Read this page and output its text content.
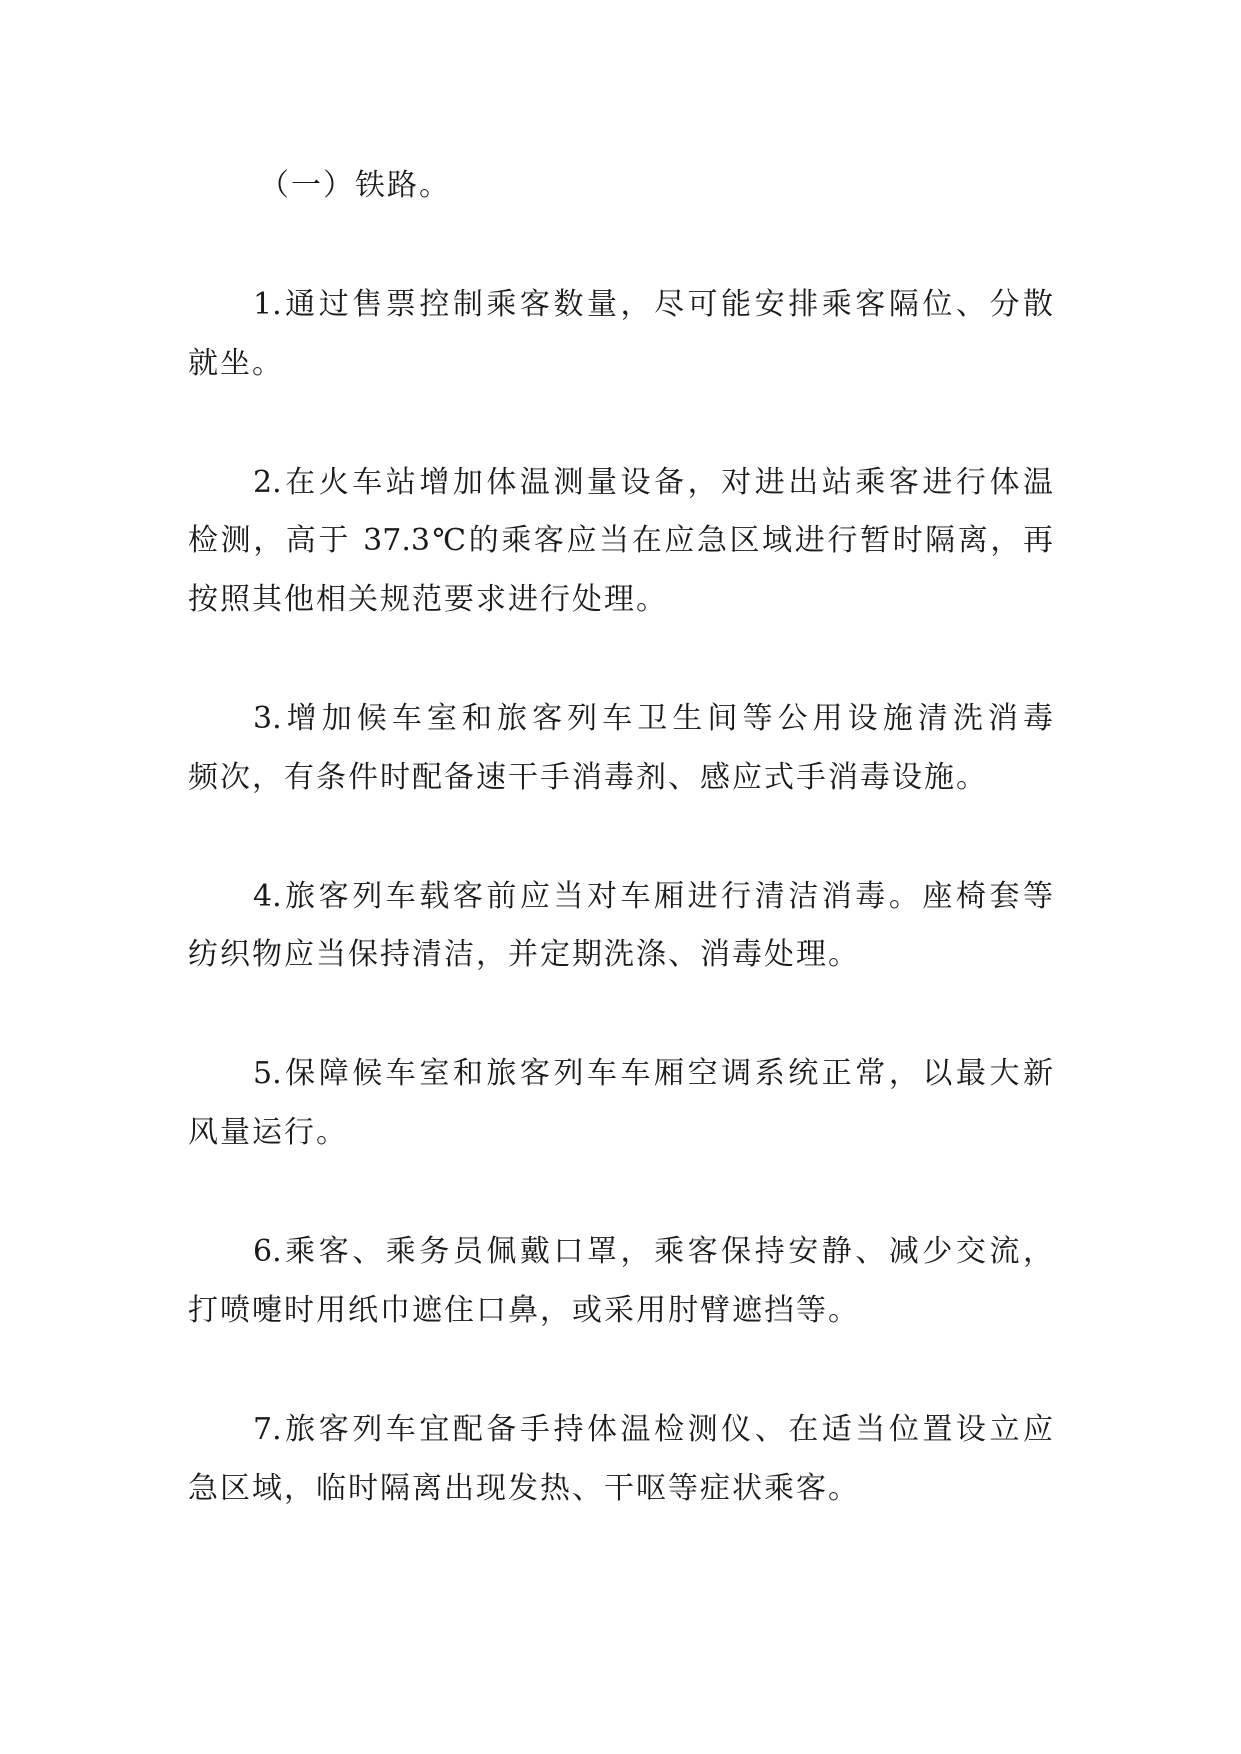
（一）铁路。
1.通过售票控制乘客数量，尽可能安排乘客隔位、分散
就坐。
2.在火车站增加体温测量设备，对进出站乘客进行体温
检测，高于 37.3℃的乘客应当在应急区域进行暂时隔离，再
按照其他相关规范要求进行处理。
3.增加候车室和旅客列车卫生间等公用设施清洗消毒
频次，有条件时配备速干手消毒剂、感应式手消毒设施。
4.旅客列车载客前应当对车厢进行清洁消毒。座椅套等
纺织物应当保持清洁，并定期洗涤、消毒处理。
5.保障候车室和旅客列车车厢空调系统正常，以最大新
风量运行。
6.乘客、乘务员佩戴口罩，乘客保持安静、减少交流，
打喷嚏时用纸巾遮住口鼻，或采用肘臂遮挡等。
7.旅客列车宜配备手持体温检测仪、在适当位置设立应
急区域，临时隔离出现发热、干呕等症状乘客。
